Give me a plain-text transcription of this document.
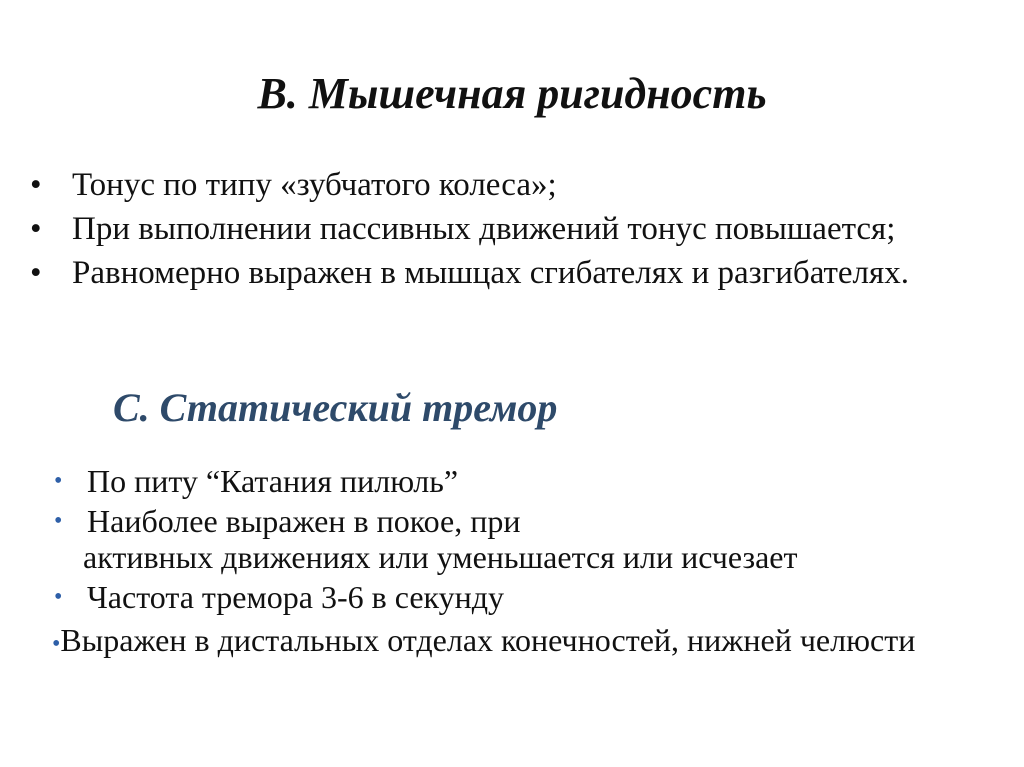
В. Мышечная ригидность
• Тонус по типу «зубчатого колеса»;
• При выполнении пассивных движений тонус повышается;
• Равномерно выражен в мышцах сгибателях и разгибателях.
С. Статический тремор
• По питу “Катания пилюль”
• Наиболее выражен в покое, при
активных движениях или уменьшается или исчезает
• Частота тремора 3-6 в секунду
•Выражен в дистальных отделах конечностей, нижней челюсти
